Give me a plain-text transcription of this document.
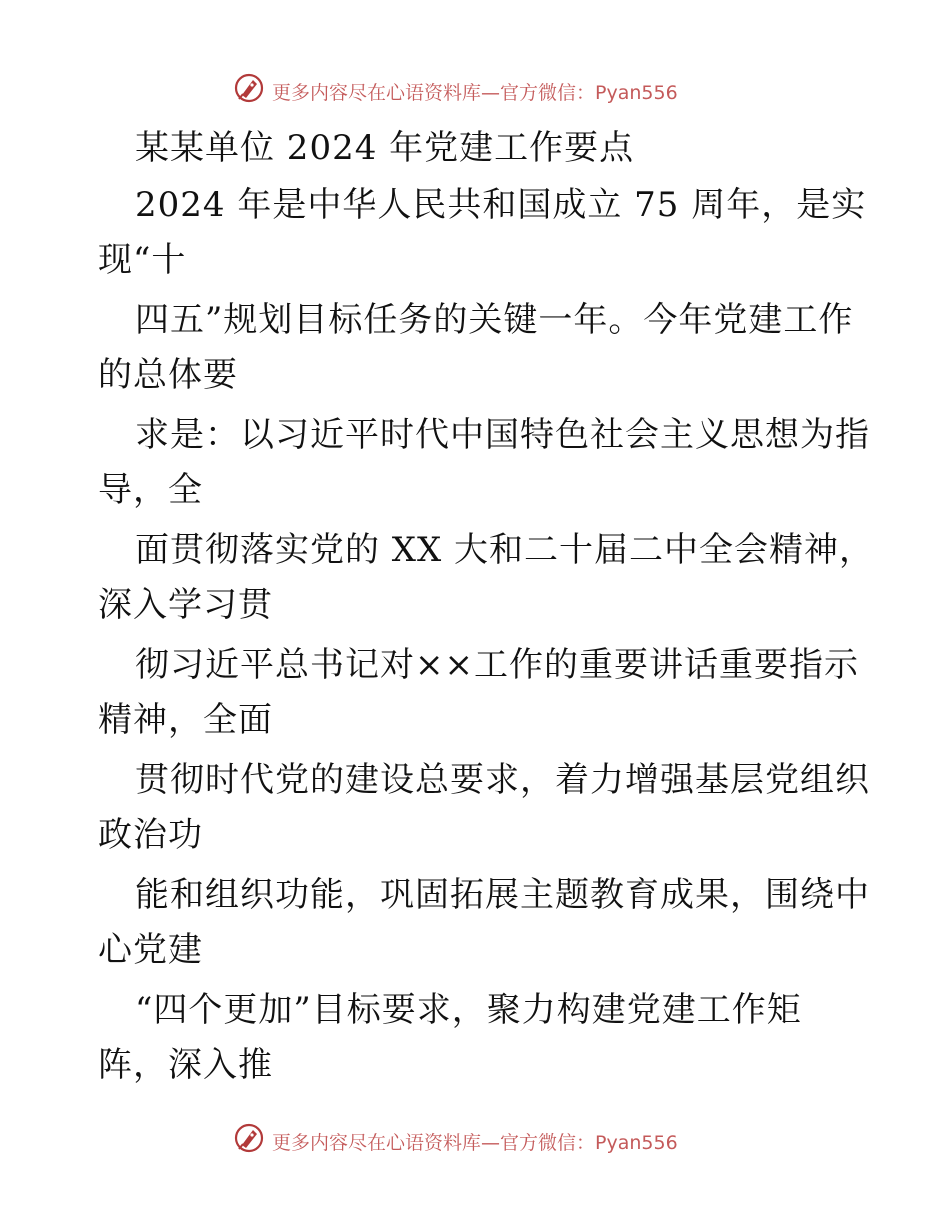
更多内容尽在心语资料库—官方微信：Pyan556
某某单位 2024 年党建工作要点
2024 年是中华人民共和国成立 75 周年，是实
现“十
四五”规划目标任务的关键一年。今年党建工作
的总体要
求是：以习近平时代中国特色社会主义思想为指
导，全
面贯彻落实党的 XX 大和二十届二中全会精神，
深入学习贯
彻习近平总书记对××工作的重要讲话重要指示
精神，全面
贯彻时代党的建设总要求，着力增强基层党组织
政治功
能和组织功能，巩固拓展主题教育成果，围绕中
心党建
“四个更加”目标要求，聚力构建党建工作矩
阵，深入推
更多内容尽在心语资料库—官方微信：Pyan556
